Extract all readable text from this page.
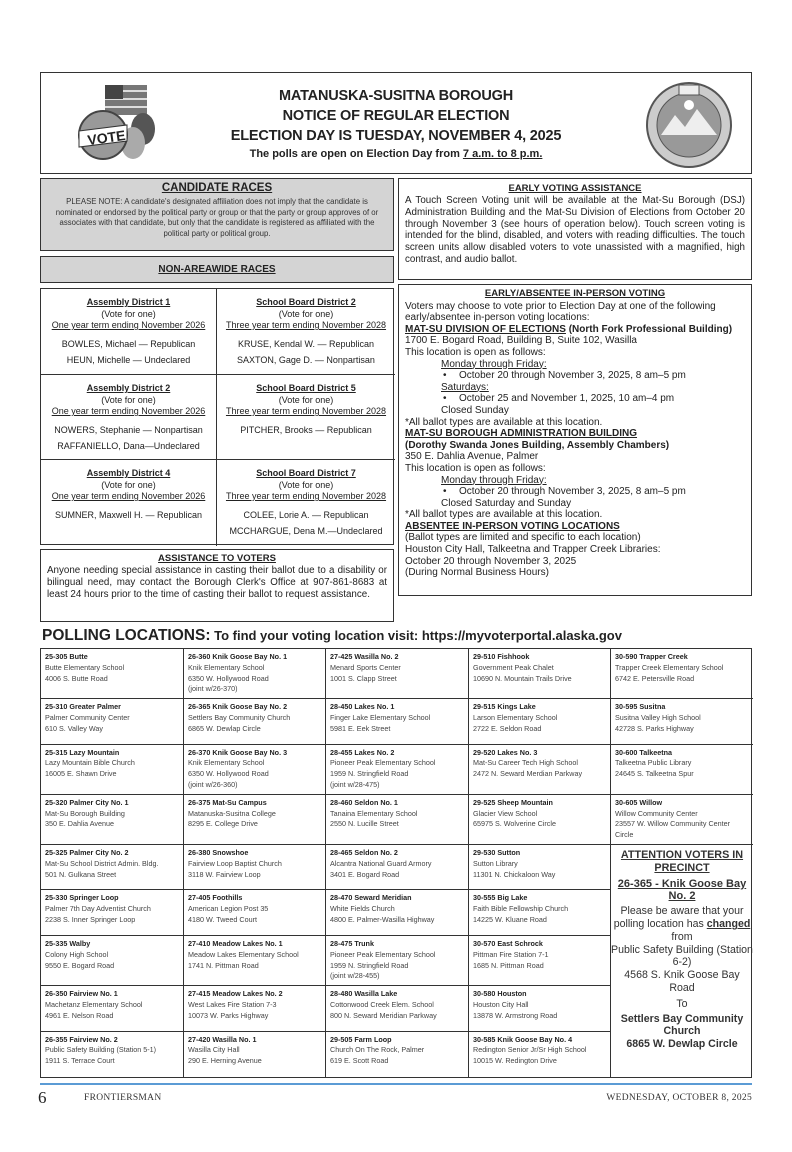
VOTE
MATANUSKA-SUSITNA BOROUGH
NOTICE OF REGULAR ELECTION
ELECTION DAY IS TUESDAY, NOVEMBER 4, 2025
The polls are open on Election Day from 7 a.m. to 8 p.m.
CANDIDATE RACES

PLEASE NOTE: A candidate's designated affiliation does not imply that the candidate is nominated or endorsed by the political party or group or that the party or group approves of or associates with that candidate, but only that the candidate is registered as affiliated with the political party or political group.

NON-AREAWIDE RACES
Assembly District 1
(Vote for one)
One year term ending November 2026
BOWLES, Michael — Republican
HEUN, Michelle — Undeclared
School Board District 2
(Vote for one)
Three year term ending November 2028
KRUSE, Kendal W. — Republican
SAXTON, Gage D. — Nonpartisan
Assembly District 2
(Vote for one)
One year term ending November 2026
NOWERS, Stephanie — Nonpartisan
RAFFANIELLO, Dana—Undeclared
School Board District 5
(Vote for one)
Three year term ending November 2028
PITCHER, Brooks — Republican
Assembly District 4
(Vote for one)
One year term ending November 2026
SUMNER, Maxwell H. — Republican
School Board District 7
(Vote for one)
Three year term ending November 2028
COLEE, Lorie A. — Republican
MCCHARGUE, Dena M.—Undeclared
ASSISTANCE TO VOTERS

Anyone needing special assistance in casting their ballot due to a disability or bilingual need, may contact the Borough Clerk's Office at 907-861-8683 at least 24 hours prior to the time of casting their ballot to request assistance.

EARLY VOTING ASSISTANCE

A Touch Screen Voting unit will be available at the Mat-Su Borough (DSJ) Administration Building and the Mat-Su Division of Elections from October 20 through November 3 (see hours of operation below). Touch screen voting is intended for the blind, disabled, and voters with reading difficulties. The touch screen units allow disabled voters to vote unassisted with a magnified, high contrast, and audio ballot.

EARLY/ABSENTEE IN-PERSON VOTING
Voters may choose to vote prior to Election Day at one of the following early/absentee in-person voting locations:
MAT-SU DIVISION OF ELECTIONS (North Fork Professional Building)
1700 E. Bogard Road, Building B, Suite 102, Wasilla
This location is open as follows:
Monday through Friday:
• October 20 through November 3, 2025, 8 am–5 pm
Saturdays:
• October 25 and November 1, 2025, 10 am–4 pm
Closed Sunday
*All ballot types are available at this location.
MAT-SU BOROUGH ADMINISTRATION BUILDING
(Dorothy Swanda Jones Building, Assembly Chambers)
350 E. Dahlia Avenue, Palmer
This location is open as follows:
Monday through Friday:
• October 20 through November 3, 2025, 8 am–5 pm
Closed Saturday and Sunday
*All ballot types are available at this location.
ABSENTEE IN-PERSON VOTING LOCATIONS
(Ballot types are limited and specific to each location)
Houston City Hall, Talkeetna and Trapper Creek Libraries:
October 20 through November 3, 2025
(During Normal Business Hours)
POLLING LOCATIONS: To find your voting location visit: https://myvoterportal.alaska.gov
25-305 Butte
Butte Elementary School
4006 S. Butte Road
25-310 Greater Palmer
Palmer Community Center
610 S. Valley Way
25-315 Lazy Mountain
Lazy Mountain Bible Church
16005 E. Shawn Drive
25-320 Palmer City No. 1
Mat-Su Borough Building
350 E. Dahlia Avenue
25-325 Palmer City No. 2
Mat-Su School District Admin. Bldg.
501 N. Gulkana Street
25-330 Springer Loop
Palmer 7th Day Adventist Church
2238 S. Inner Springer Loop
25-335 Walby
Colony High School
9550 E. Bogard Road
26-350 Fairview No. 1
Machetanz Elementary School
4961 E. Nelson Road
26-355 Fairview No. 2
Public Safety Building (Station 5-1)
1911 S. Terrace Court
26-360 Knik Goose Bay No. 1
Knik Elementary School
6350 W. Hollywood Road
(joint w/26-370)
26-365 Knik Goose Bay No. 2
Settlers Bay Community Church
6865 W. Dewlap Circle
26-370 Knik Goose Bay No. 3
Knik Elementary School
6350 W. Hollywood Road
(joint w/26-360)
26-375 Mat-Su Campus
Matanuska-Susitna College
8295 E. College Drive
26-380 Snowshoe
Fairview Loop Baptist Church
3118 W. Fairview Loop
27-405 Foothills
American Legion Post 35
4180 W. Tweed Court
27-410 Meadow Lakes No. 1
Meadow Lakes Elementary School
1741 N. Pittman Road
27-415 Meadow Lakes No. 2
West Lakes Fire Station 7-3
10073 W. Parks Highway
27-420 Wasilla No. 1
Wasilla City Hall
290 E. Herning Avenue
27-425 Wasilla No. 2
Menard Sports Center
1001 S. Clapp Street
28-450 Lakes No. 1
Finger Lake Elementary School
5981 E. Eek Street
28-455 Lakes No. 2
Pioneer Peak Elementary School
1959 N. Stringfield Road
(joint w/28-475)
28-460 Seldon No. 1
Tanaina Elementary School
2550 N. Lucille Street
28-465 Seldon No. 2
Alcantra National Guard Armory
3401 E. Bogard Road
28-470 Seward Meridian
White Fields Church
4800 E. Palmer-Wasilla Highway
28-475 Trunk
Pioneer Peak Elementary School
1959 N. Stringfield Road
(joint w/28-455)
28-480 Wasilla Lake
Cottonwood Creek Elem. School
800 N. Seward Meridian Parkway
29-505 Farm Loop
Church On The Rock, Palmer
619 E. Scott Road
29-510 Fishhook
Government Peak Chalet
10690 N. Mountain Trails Drive
29-515 Kings Lake
Larson Elementary School
2722 E. Seldon Road
29-520 Lakes No. 3
Mat-Su Career Tech High School
2472 N. Seward Merdian Parkway
29-525 Sheep Mountain
Glacier View School
65975 S. Wolverine Circle
29-530 Sutton
Sutton Library
11301 N. Chickaloon Way
30-555 Big Lake
Faith Bible Fellowship Church
14225 W. Kluane Road
30-570 East Schrock
Pittman Fire Station 7-1
1685 N. Pittman Road
30-580 Houston
Houston City Hall
13878 W. Armstrong Road
30-585 Knik Goose Bay No. 4
Redington Senior Jr/Sr High School
10015 W. Redington Drive
30-590 Trapper Creek
Trapper Creek Elementary School
6742 E. Petersville Road
30-595 Susitna
Susitna Valley High School
42728 S. Parks Highway
30-600 Talkeetna
Talkeetna Public Library
24645 S. Talkeetna Spur
30-605 Willow
Willow Community Center
23557 W. Willow Community Center Circle
ATTENTION VOTERS IN PRECINCT
26-365 - Knik Goose Bay No. 2
Please be aware that your polling location has changed
from
Public Safety Building (Station 6-2)
4568 S. Knik Goose Bay Road
To
Settlers Bay Community Church
6865 W. Dewlap Circle
6	FRONTIERSMAN	WEDNESDAY, OCTOBER 8, 2025
